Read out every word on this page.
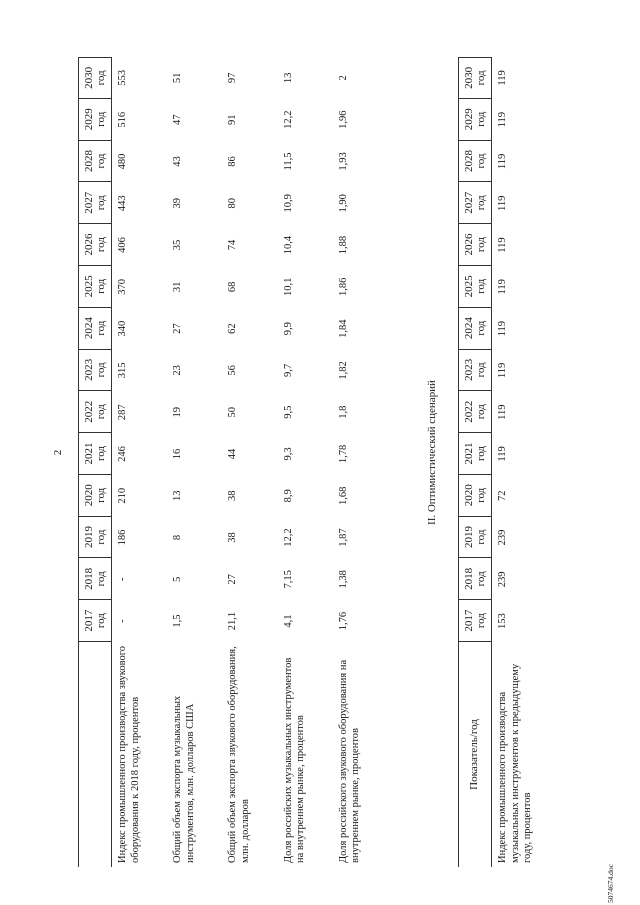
2
2017 год
2018 год
2019 год
2020 год
2021 год
2022 год
2023 год
2024 год
2025 год
2026 год
2027 год
2028 год
2029 год
2030 год
Индекс промышленного производства звукового оборудования к 2018 году, процентов
-
-
186
210
246
287
315
340
370
406
443
480
516
553
Общий объем экспорта музыкальных инструментов, млн. долларов США
1,5
5
8
13
16
19
23
27
31
35
39
43
47
51
Общий объем экспорта звукового оборудования, млн. долларов
21,1
27
38
38
44
50
56
62
68
74
80
86
91
97
Доля российских музыкальных инструментов на внутреннем рынке, процентов
4,1
7,15
12,2
8,9
9,3
9,5
9,7
9,9
10,1
10,4
10,9
11,5
12,2
13
Доля российского звукового оборудования на внутреннем рынке, процентов
1,76
1,38
1,87
1,68
1,78
1,8
1,82
1,84
1,86
1,88
1,90
1,93
1,96
2
II. Оптимистический сценарий
Показатель/год
2017 год
2018 год
2019 год
2020 год
2021 год
2022 год
2023 год
2024 год
2025 год
2026 год
2027 год
2028 год
2029 год
2030 год
Индекс промышленного производства музыкальных инструментов к предыдущему году, процентов
153
239
239
72
119
119
119
119
119
119
119
119
119
119
5074674.doc
